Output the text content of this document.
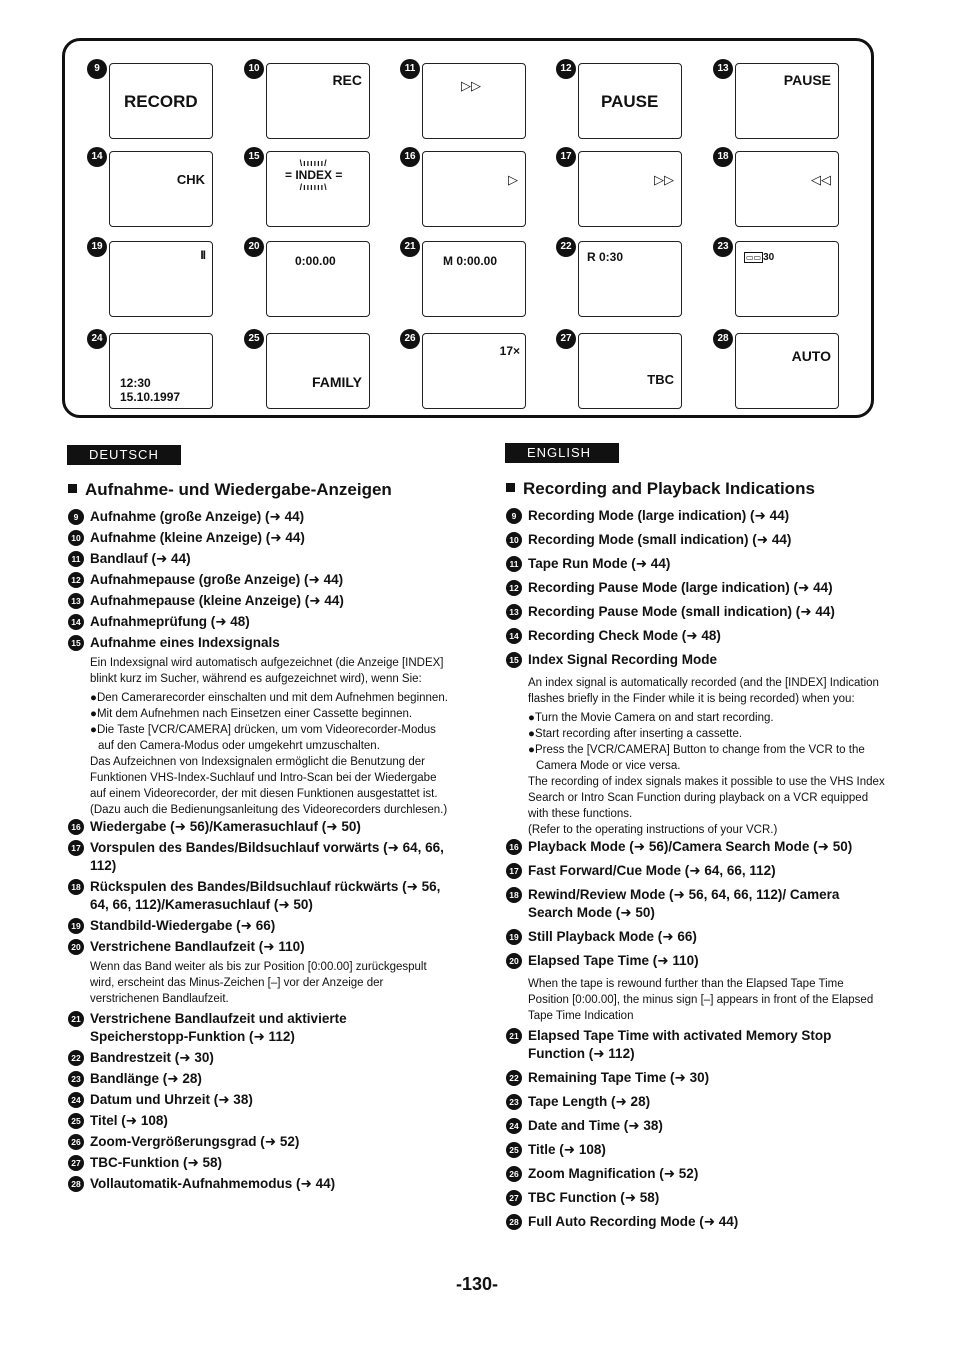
9
RECORD
10
REC
11
▷▷
12
PAUSE
13
PAUSE
14
CHK
15
\ıııııı/
= INDEX =
/ıııııı\
16
▷
17
▷▷
18
◁◁
19
II
20
0:00.00
21
M 0:00.00
22
R 0:30
23
▭▭ 30
24
12:30
15.10.1997
25
FAMILY
26
17×
27
TBC
28
AUTO
DEUTSCH	ENGLISH
Aufnahme- und Wiedergabe-Anzeigen
9 Aufnahme (große Anzeige) (➜ 44)
10 Aufnahme (kleine Anzeige) (➜ 44)
11 Bandlauf (➜ 44)
12 Aufnahmepause (große Anzeige) (➜ 44)
13 Aufnahmepause (kleine Anzeige) (➜ 44)
14 Aufnahmeprüfung (➜ 48)
15 Aufnahme eines Indexsignals
Ein Indexsignal wird automatisch aufgezeichnet (die Anzeige [INDEX] blinkt kurz im Sucher, während es aufgezeichnet wird), wenn Sie:
●Den Camerarecorder einschalten und mit dem Aufnehmen beginnen.
●Mit dem Aufnehmen nach Einsetzen einer Cassette beginnen.
●Die Taste [VCR/CAMERA] drücken, um vom Videorecorder-Modus auf den Camera-Modus oder umgekehrt umzuschalten.
Das Aufzeichnen von Indexsignalen ermöglicht die Benutzung der Funktionen VHS-Index-Suchlauf und Intro-Scan bei der Wiedergabe auf einem Videorecorder, der mit diesen Funktionen ausgestattet ist.
(Dazu auch die Bedienungsanleitung des Videorecorders durchlesen.)
16 Wiedergabe (➜ 56)/Kamerasuchlauf (➜ 50)
17 Vorspulen des Bandes/Bildsuchlauf vorwärts (➜ 64, 66, 112)
18 Rückspulen des Bandes/Bildsuchlauf rückwärts (➜ 56, 64, 66, 112)/Kamerasuchlauf (➜ 50)
19 Standbild-Wiedergabe (➜ 66)
20 Verstrichene Bandlaufzeit (➜ 110)
Wenn das Band weiter als bis zur Position [0:00.00] zurückgespult wird, erscheint das Minus-Zeichen [–] vor der Anzeige der verstrichenen Bandlaufzeit.
21 Verstrichene Bandlaufzeit und aktivierte Speicherstopp-Funktion (➜ 112)
22 Bandrestzeit (➜ 30)
23 Bandlänge (➜ 28)
24 Datum und Uhrzeit (➜ 38)
25 Titel (➜ 108)
26 Zoom-Vergrößerungsgrad (➜ 52)
27 TBC-Funktion (➜ 58)
28 Vollautomatik-Aufnahmemodus (➜ 44)
Recording and Playback Indications
9 Recording Mode (large indication) (➜ 44)
10 Recording Mode (small indication) (➜ 44)
11 Tape Run Mode (➜ 44)
12 Recording Pause Mode (large indication) (➜ 44)
13 Recording Pause Mode (small indication) (➜ 44)
14 Recording Check Mode (➜ 48)
15 Index Signal Recording Mode
An index signal is automatically recorded (and the [INDEX] Indication flashes briefly in the Finder while it is being recorded) when you:
●Turn the Movie Camera on and start recording.
●Start recording after inserting a cassette.
●Press the [VCR/CAMERA] Button to change from the VCR to the Camera Mode or vice versa.
The recording of index signals makes it possible to use the VHS Index Search or Intro Scan Function during playback on a VCR equipped with these functions.
(Refer to the operating instructions of your VCR.)
16 Playback Mode (➜ 56)/Camera Search Mode (➜ 50)
17 Fast Forward/Cue Mode (➜ 64, 66, 112)
18 Rewind/Review Mode (➜ 56, 64, 66, 112)/ Camera Search Mode (➜ 50)
19 Still Playback Mode (➜ 66)
20 Elapsed Tape Time (➜ 110)
When the tape is rewound further than the Elapsed Tape Time Position [0:00.00], the minus sign [–] appears in front of the Elapsed Tape Time Indication
21 Elapsed Tape Time with activated Memory Stop Function (➜ 112)
22 Remaining Tape Time (➜ 30)
23 Tape Length (➜ 28)
24 Date and Time (➜ 38)
25 Title (➜ 108)
26 Zoom Magnification (➜ 52)
27 TBC Function (➜ 58)
28 Full Auto Recording Mode (➜ 44)
-130-
